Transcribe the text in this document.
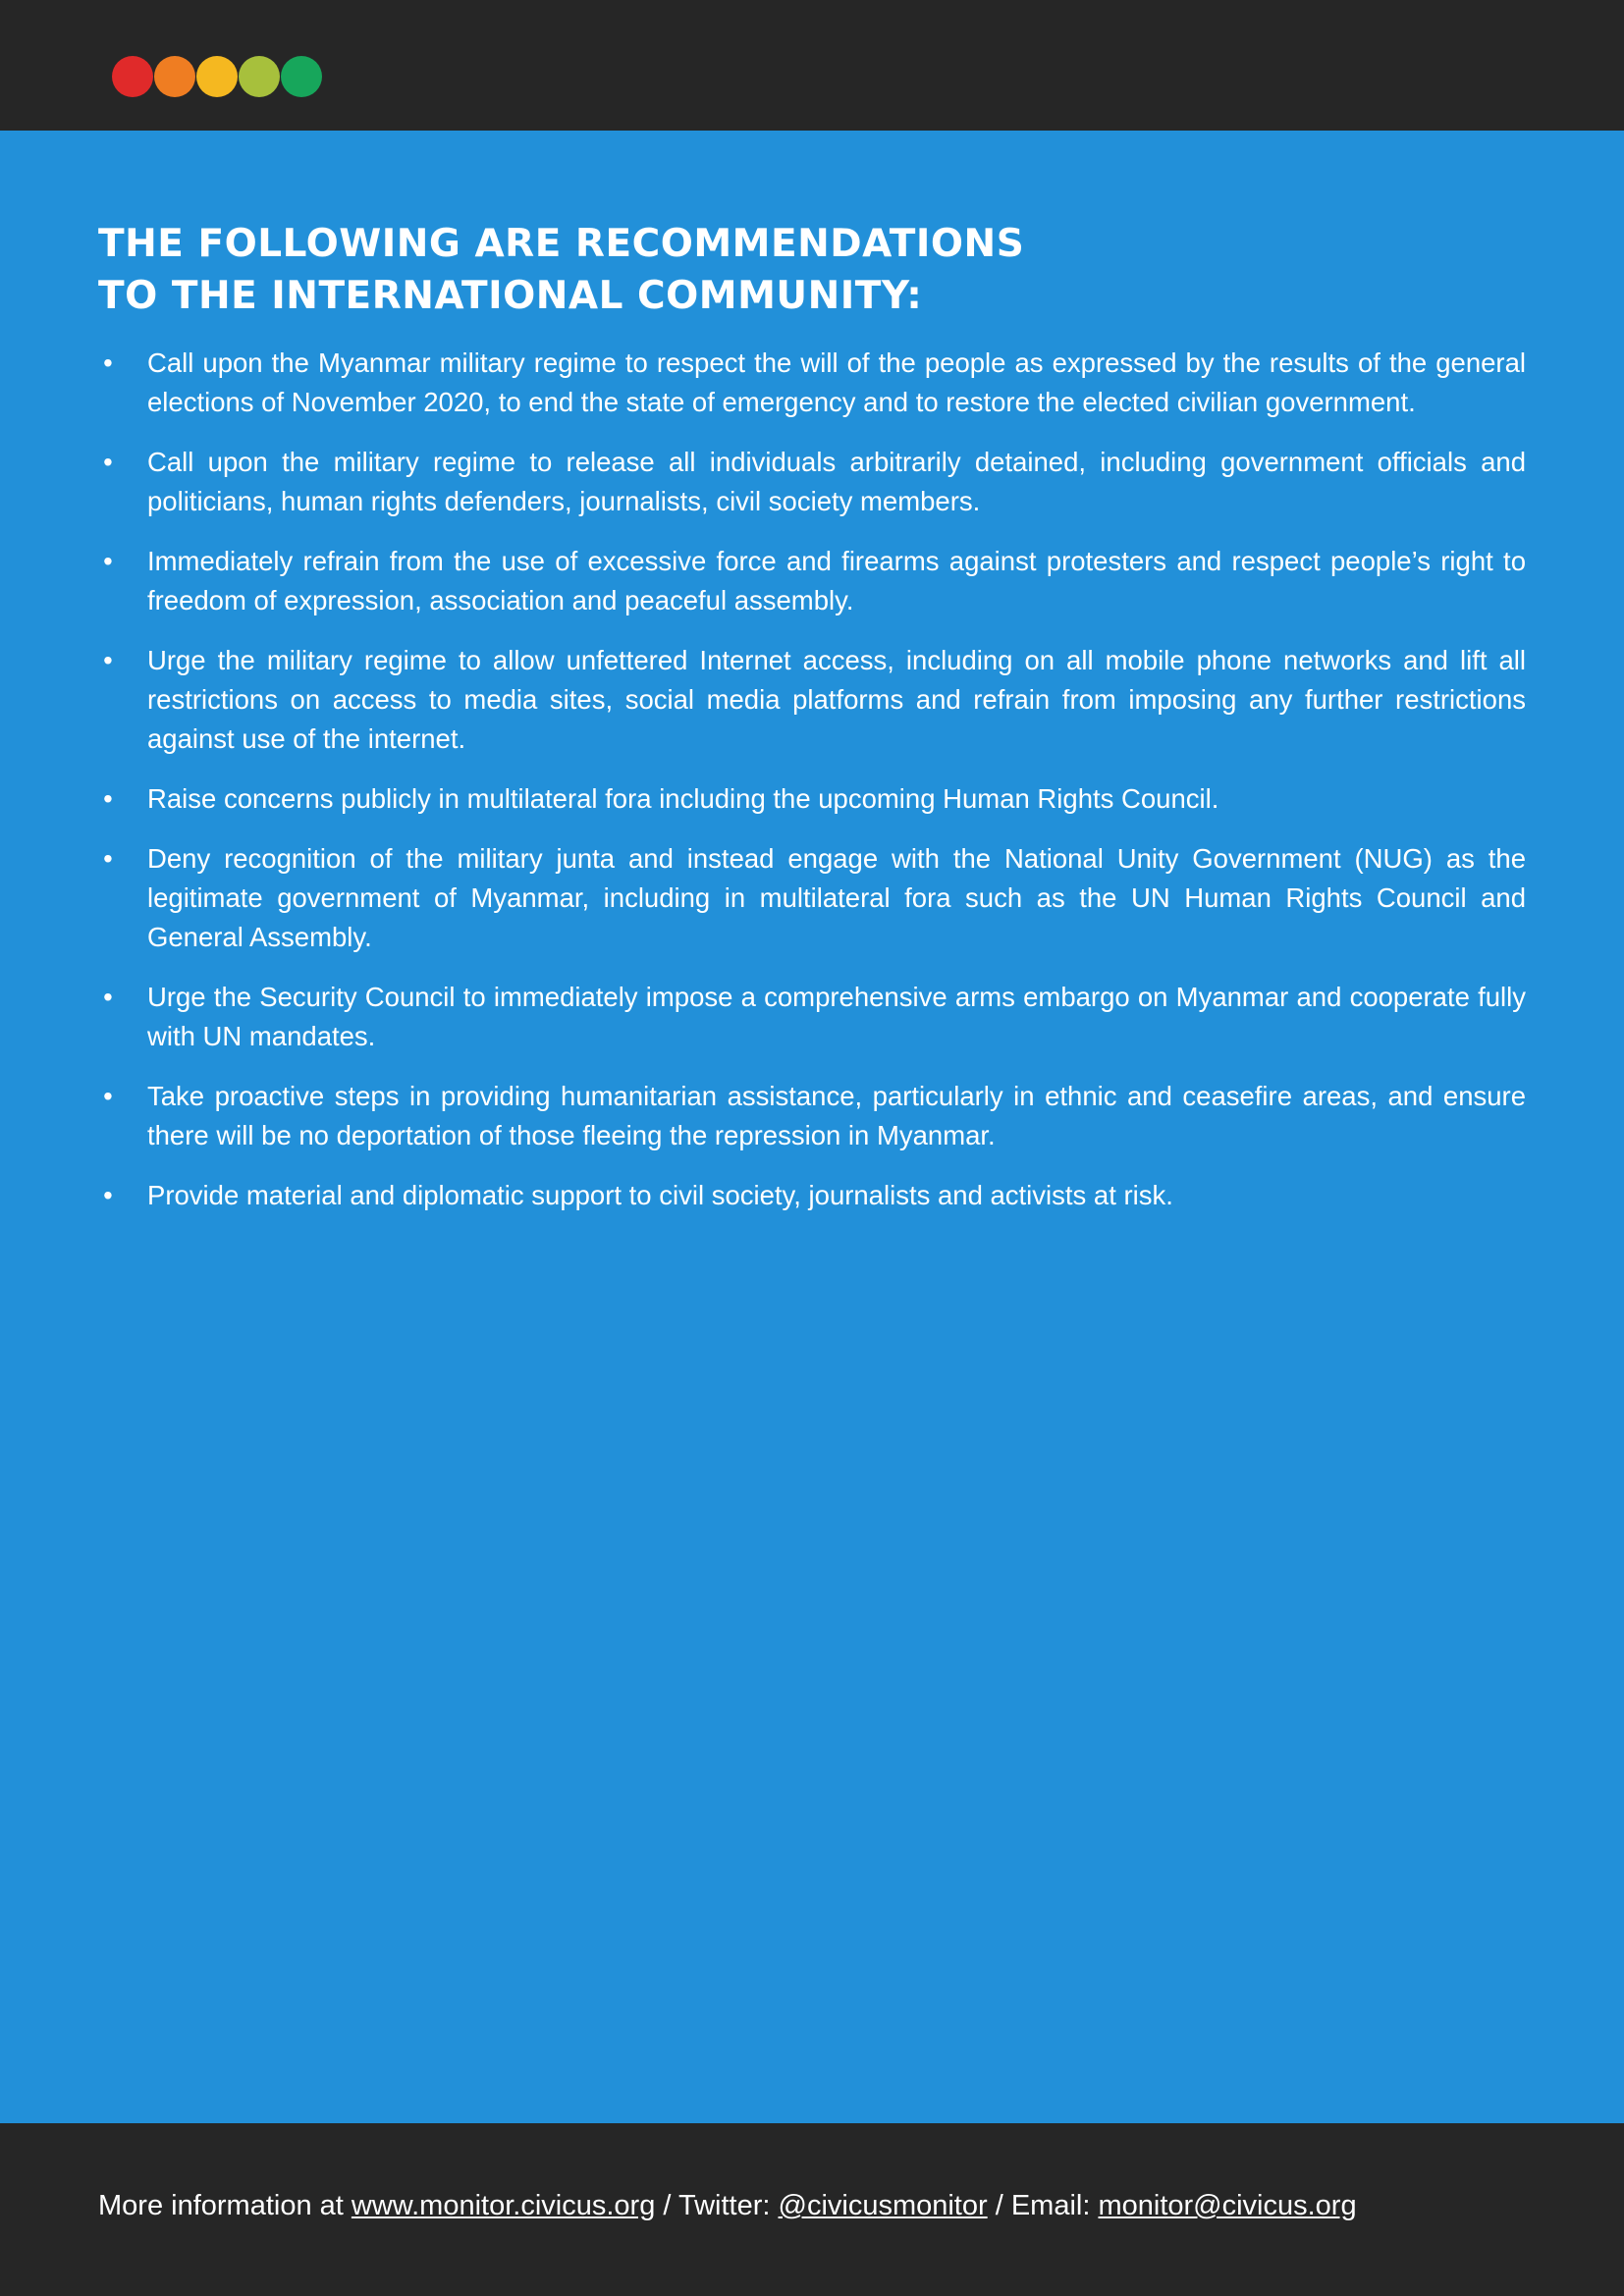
THE FOLLOWING ARE RECOMMENDATIONS
TO THE INTERNATIONAL COMMUNITY:
• Call upon the Myanmar military regime to respect the will of the people as expressed by the results of the general elections of November 2020, to end the state of emergency and to restore the elected civilian government.
• Call upon the military regime to release all individuals arbitrarily detained, including government officials and politicians, human rights defenders, journalists, civil society members.
• Immediately refrain from the use of excessive force and firearms against protesters and respect people’s right to freedom of expression, association and peaceful assembly.
• Urge the military regime to allow unfettered Internet access, including on all mobile phone networks and lift all restrictions on access to media sites, social media platforms and refrain from imposing any further restrictions against use of the internet.
• Raise concerns publicly in multilateral fora including the upcoming Human Rights Council.
• Deny recognition of the military junta and instead engage with the National Unity Government (NUG) as the legitimate government of Myanmar, including in multilateral fora such as the UN Human Rights Council and General Assembly.
• Urge the Security Council to immediately impose a comprehensive arms embargo on Myanmar and cooperate fully with UN mandates.
• Take proactive steps in providing humanitarian assistance, particularly in ethnic and ceasefire areas, and ensure there will be no deportation of those fleeing the repression in Myanmar.
• Provide material and diplomatic support to civil society, journalists and activists at risk.
More information at www.monitor.civicus.org / Twitter: @civicusmonitor / Email: monitor@civicus.org
